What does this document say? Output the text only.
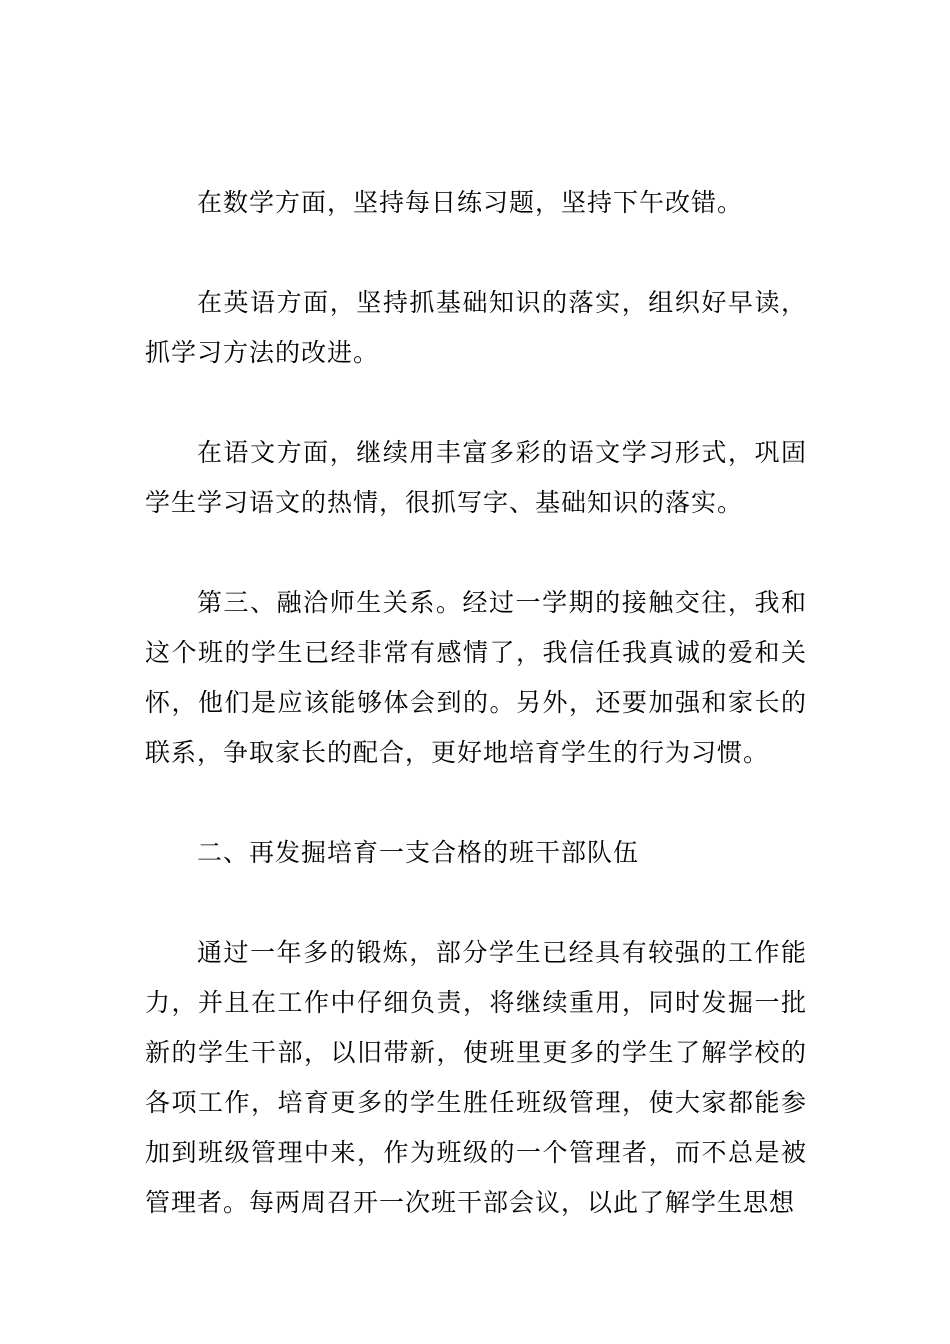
在数学方面，坚持每日练习题，坚持下午改错。

在英语方面，坚持抓基础知识的落实，组织好早读，抓学习方法的改进。

在语文方面，继续用丰富多彩的语文学习形式，巩固学生学习语文的热情，很抓写字、基础知识的落实。

第三、融洽师生关系。经过一学期的接触交往，我和这个班的学生已经非常有感情了，我信任我真诚的爱和关怀，他们是应该能够体会到的。另外，还要加强和家长的联系，争取家长的配合，更好地培育学生的行为习惯。

二、再发掘培育一支合格的班干部队伍

通过一年多的锻炼，部分学生已经具有较强的工作能力，并且在工作中仔细负责，将继续重用，同时发掘一批新的学生干部，以旧带新，使班里更多的学生了解学校的各项工作，培育更多的学生胜任班级管理，使大家都能参加到班级管理中来，作为班级的一个管理者，而不总是被管理者。每两周召开一次班干部会议，以此了解学生思想
